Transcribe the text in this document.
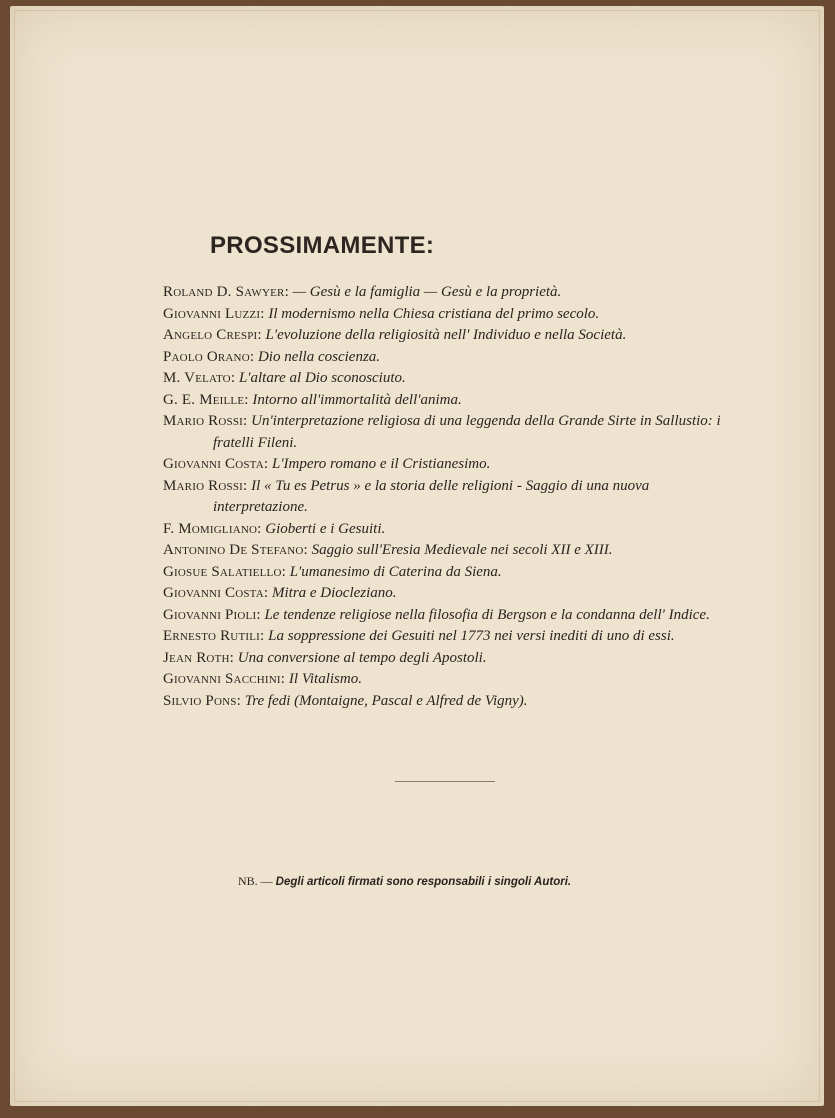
PROSSIMAMENTE:

Roland D. Sawyer: — Gesù e la famiglia — Gesù e la proprietà.

Giovanni Luzzi: Il modernismo nella Chiesa cristiana del primo secolo.

Angelo Crespi: L'evoluzione della religiosità nell' Individuo e nella Società.

Paolo Orano: Dio nella coscienza.

M. Velato: L'altare al Dio sconosciuto.

G. E. Meille: Intorno all'immortalità dell'anima.

Mario Rossi: Un'interpretazione religiosa di una leggenda della Grande Sirte in Sallustio: i fratelli Fileni.

Giovanni Costa: L'Impero romano e il Cristianesimo.

Mario Rossi: Il « Tu es Petrus » e la storia delle religioni - Saggio di una nuova interpretazione.

F. Momigliano: Gioberti e i Gesuiti.

Antonino De Stefano: Saggio sull'Eresia Medievale nei secoli XII e XIII.

Giosue Salatiello: L'umanesimo di Caterina da Siena.

Giovanni Costa: Mitra e Diocleziano.

Giovanni Pioli: Le tendenze religiose nella filosofia di Bergson e la condanna dell' Indice.

Ernesto Rutili: La soppressione dei Gesuiti nel 1773 nei versi inediti di uno di essi.

Jean Roth: Una conversione al tempo degli Apostoli.

Giovanni Sacchini: Il Vitalismo.

Silvio Pons: Tre fedi (Montaigne, Pascal e Alfred de Vigny).

NB. — Degli articoli firmati sono responsabili i singoli Autori.
